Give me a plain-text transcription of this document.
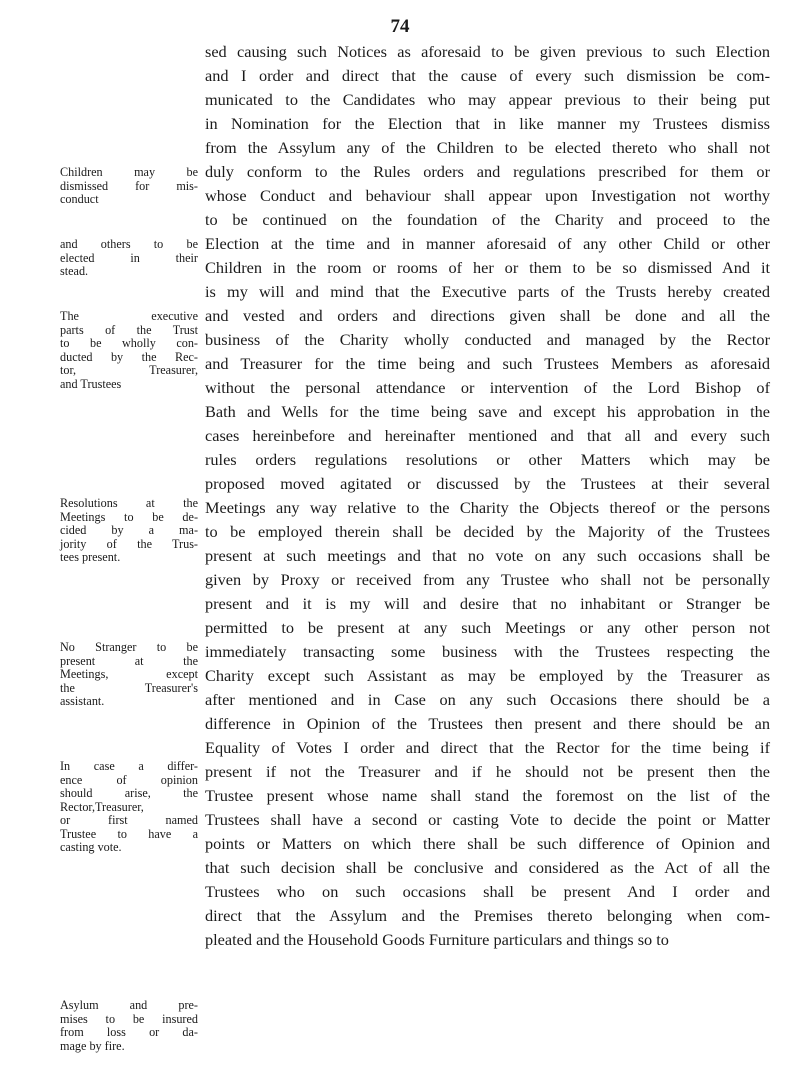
74
sed causing such Notices as aforesaid to be given previous to such Election
and I order and direct that the cause of every such dismission be com-
municated to the Candidates who may appear previous to their being put
in Nomination for the Election that in like manner my Trustees dismiss
from the Assylum any of the Children to be elected thereto who shall not
duly conform to the Rules orders and regulations prescribed for them or
whose Conduct and behaviour shall appear upon Investigation not worthy
to be continued on the foundation of the Charity and proceed to the
Election at the time and in manner aforesaid of any other Child or other
Children in the room or rooms of her or them to be so dismissed And it
is my will and mind that the Executive parts of the Trusts hereby created
and vested and orders and directions given shall be done and all the
business of the Charity wholly conducted and managed by the Rector
and Treasurer for the time being and such Trustees Members as aforesaid
without the personal attendance or intervention of the Lord Bishop of
Bath and Wells for the time being save and except his approbation in the
cases hereinbefore and hereinafter mentioned and that all and every such
rules orders regulations resolutions or other Matters which may be
proposed moved agitated or discussed by the Trustees at their several
Meetings any way relative to the Charity the Objects thereof or the persons
to be employed therein shall be decided by the Majority of the Trustees
present at such meetings and that no vote on any such occasions shall be
given by Proxy or received from any Trustee who shall not be personally
present and it is my will and desire that no inhabitant or Stranger be
permitted to be present at any such Meetings or any other person not
immediately transacting some business with the Trustees respecting the
Charity except such Assistant as may be employed by the Treasurer as
after mentioned and in Case on any such Occasions there should be a
difference in Opinion of the Trustees then present and there should be an
Equality of Votes I order and direct that the Rector for the time being if
present if not the Treasurer and if he should not be present then the
Trustee present whose name shall stand the foremost on the list of the
Trustees shall have a second or casting Vote to decide the point or Matter
points or Matters on which there shall be such difference of Opinion and
that such decision shall be conclusive and considered as the Act of all the
Trustees who on such occasions shall be present And I order and
direct that the Assylum and the Premises thereto belonging when com-
pleated and the Household Goods Furniture particulars and things so to
Children may be
dismissed for mis-
conduct
and others to be
elected in their
stead.
The executive
parts of the Trust
to be wholly con-
ducted by the Rec-
tor, Treasurer,
and Trustees
Resolutions at the
Meetings to be de-
cided by a ma-
jority of the Trus-
tees present.
No Stranger to be
present at the
Meetings, except
the Treasurer's
assistant.
In case a differ-
ence of opinion
should arise, the
Rector,Treasurer,
or first named
Trustee to have a
casting vote.
Asylum and pre-
mises to be insured
from loss or da-
mage by fire.
